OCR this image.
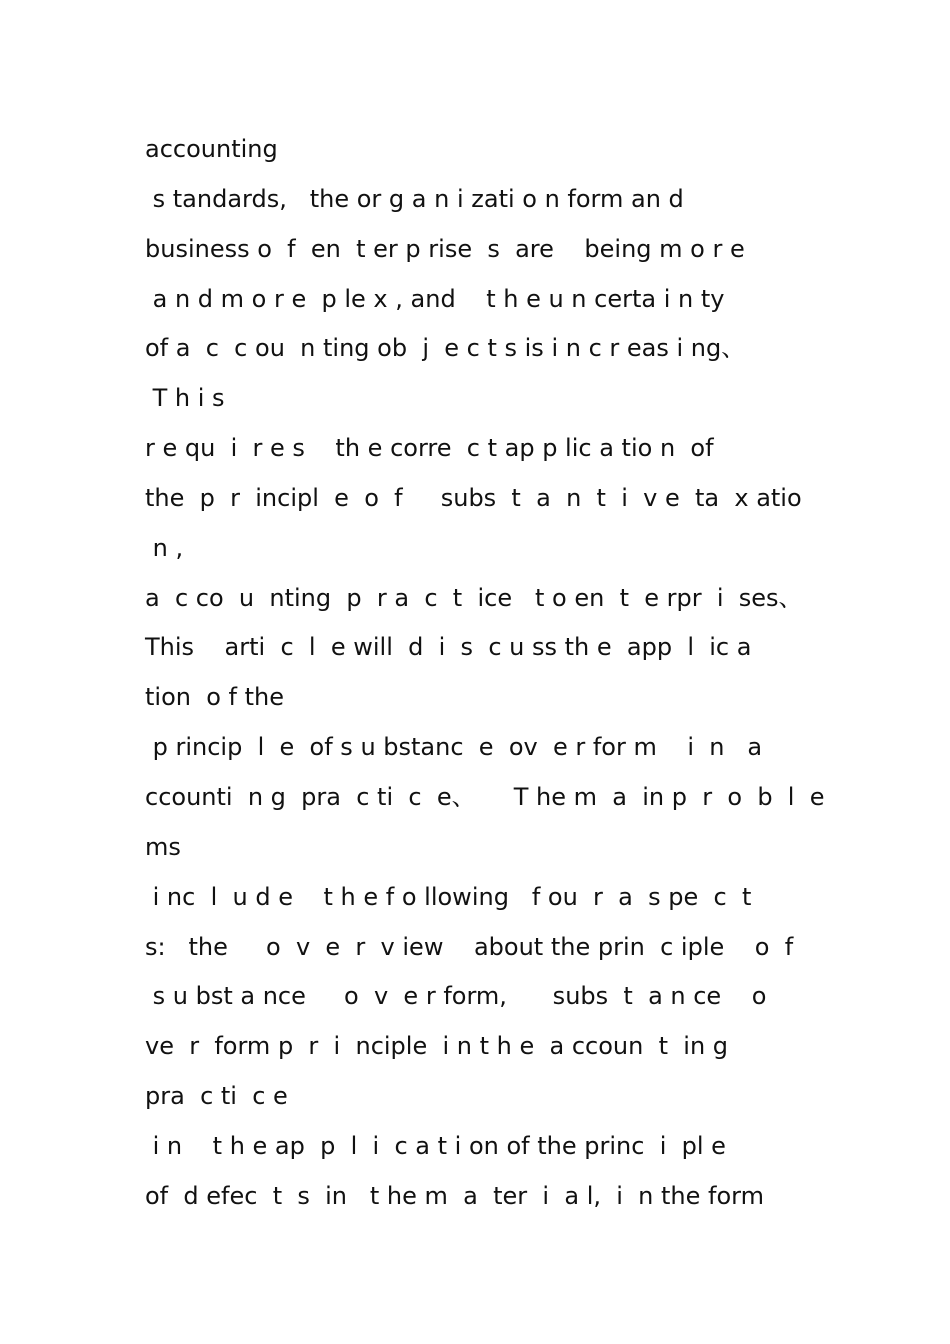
accounting
s tandards,   the or g a n i zati o n form an d
business o  f  en  t er p rise  s  are    being m o r e
a n d m o r e  p le x , and    t h e u n certa i n ty
of a  c  c ou  n ting ob  j  e c t s is i n c r eas i ng、
T h i s
r e qu  i  r e s    th e corre  c t ap p lic a tio n  of
the  p  r  incipl  e  o  f     subs  t  a  n  t  i  v e  ta  x atio
n ,
a  c co  u  nting  p  r a  c  t  ice   t o en  t  e rpr  i  ses、
This    arti  c  l  e will  d  i  s  c u ss th e  app  l  ic a
tion  o f the
p rincip  l  e  of s u bstanc  e  ov  e r for m    i  n   a
ccounti  n g  pra  c ti  c  e、     T he m  a  in p  r  o  b  l  e
ms
i nc  l  u d e    t h e f o llowing   f ou  r  a  s pe  c  t
s:   the     o  v  e  r  v iew    about the prin  c iple    o  f
s u bst a nce     o  v  e r form,      subs  t  a n ce    o
ve  r  form p  r  i  nciple  i n t h e  a ccoun  t  in g
pra  c ti  c e
i n    t h e ap  p  l  i  c a t i on of the princ  i  pl e
of  d efec  t  s  in   t he m  a  ter  i  a l,  i  n the form
